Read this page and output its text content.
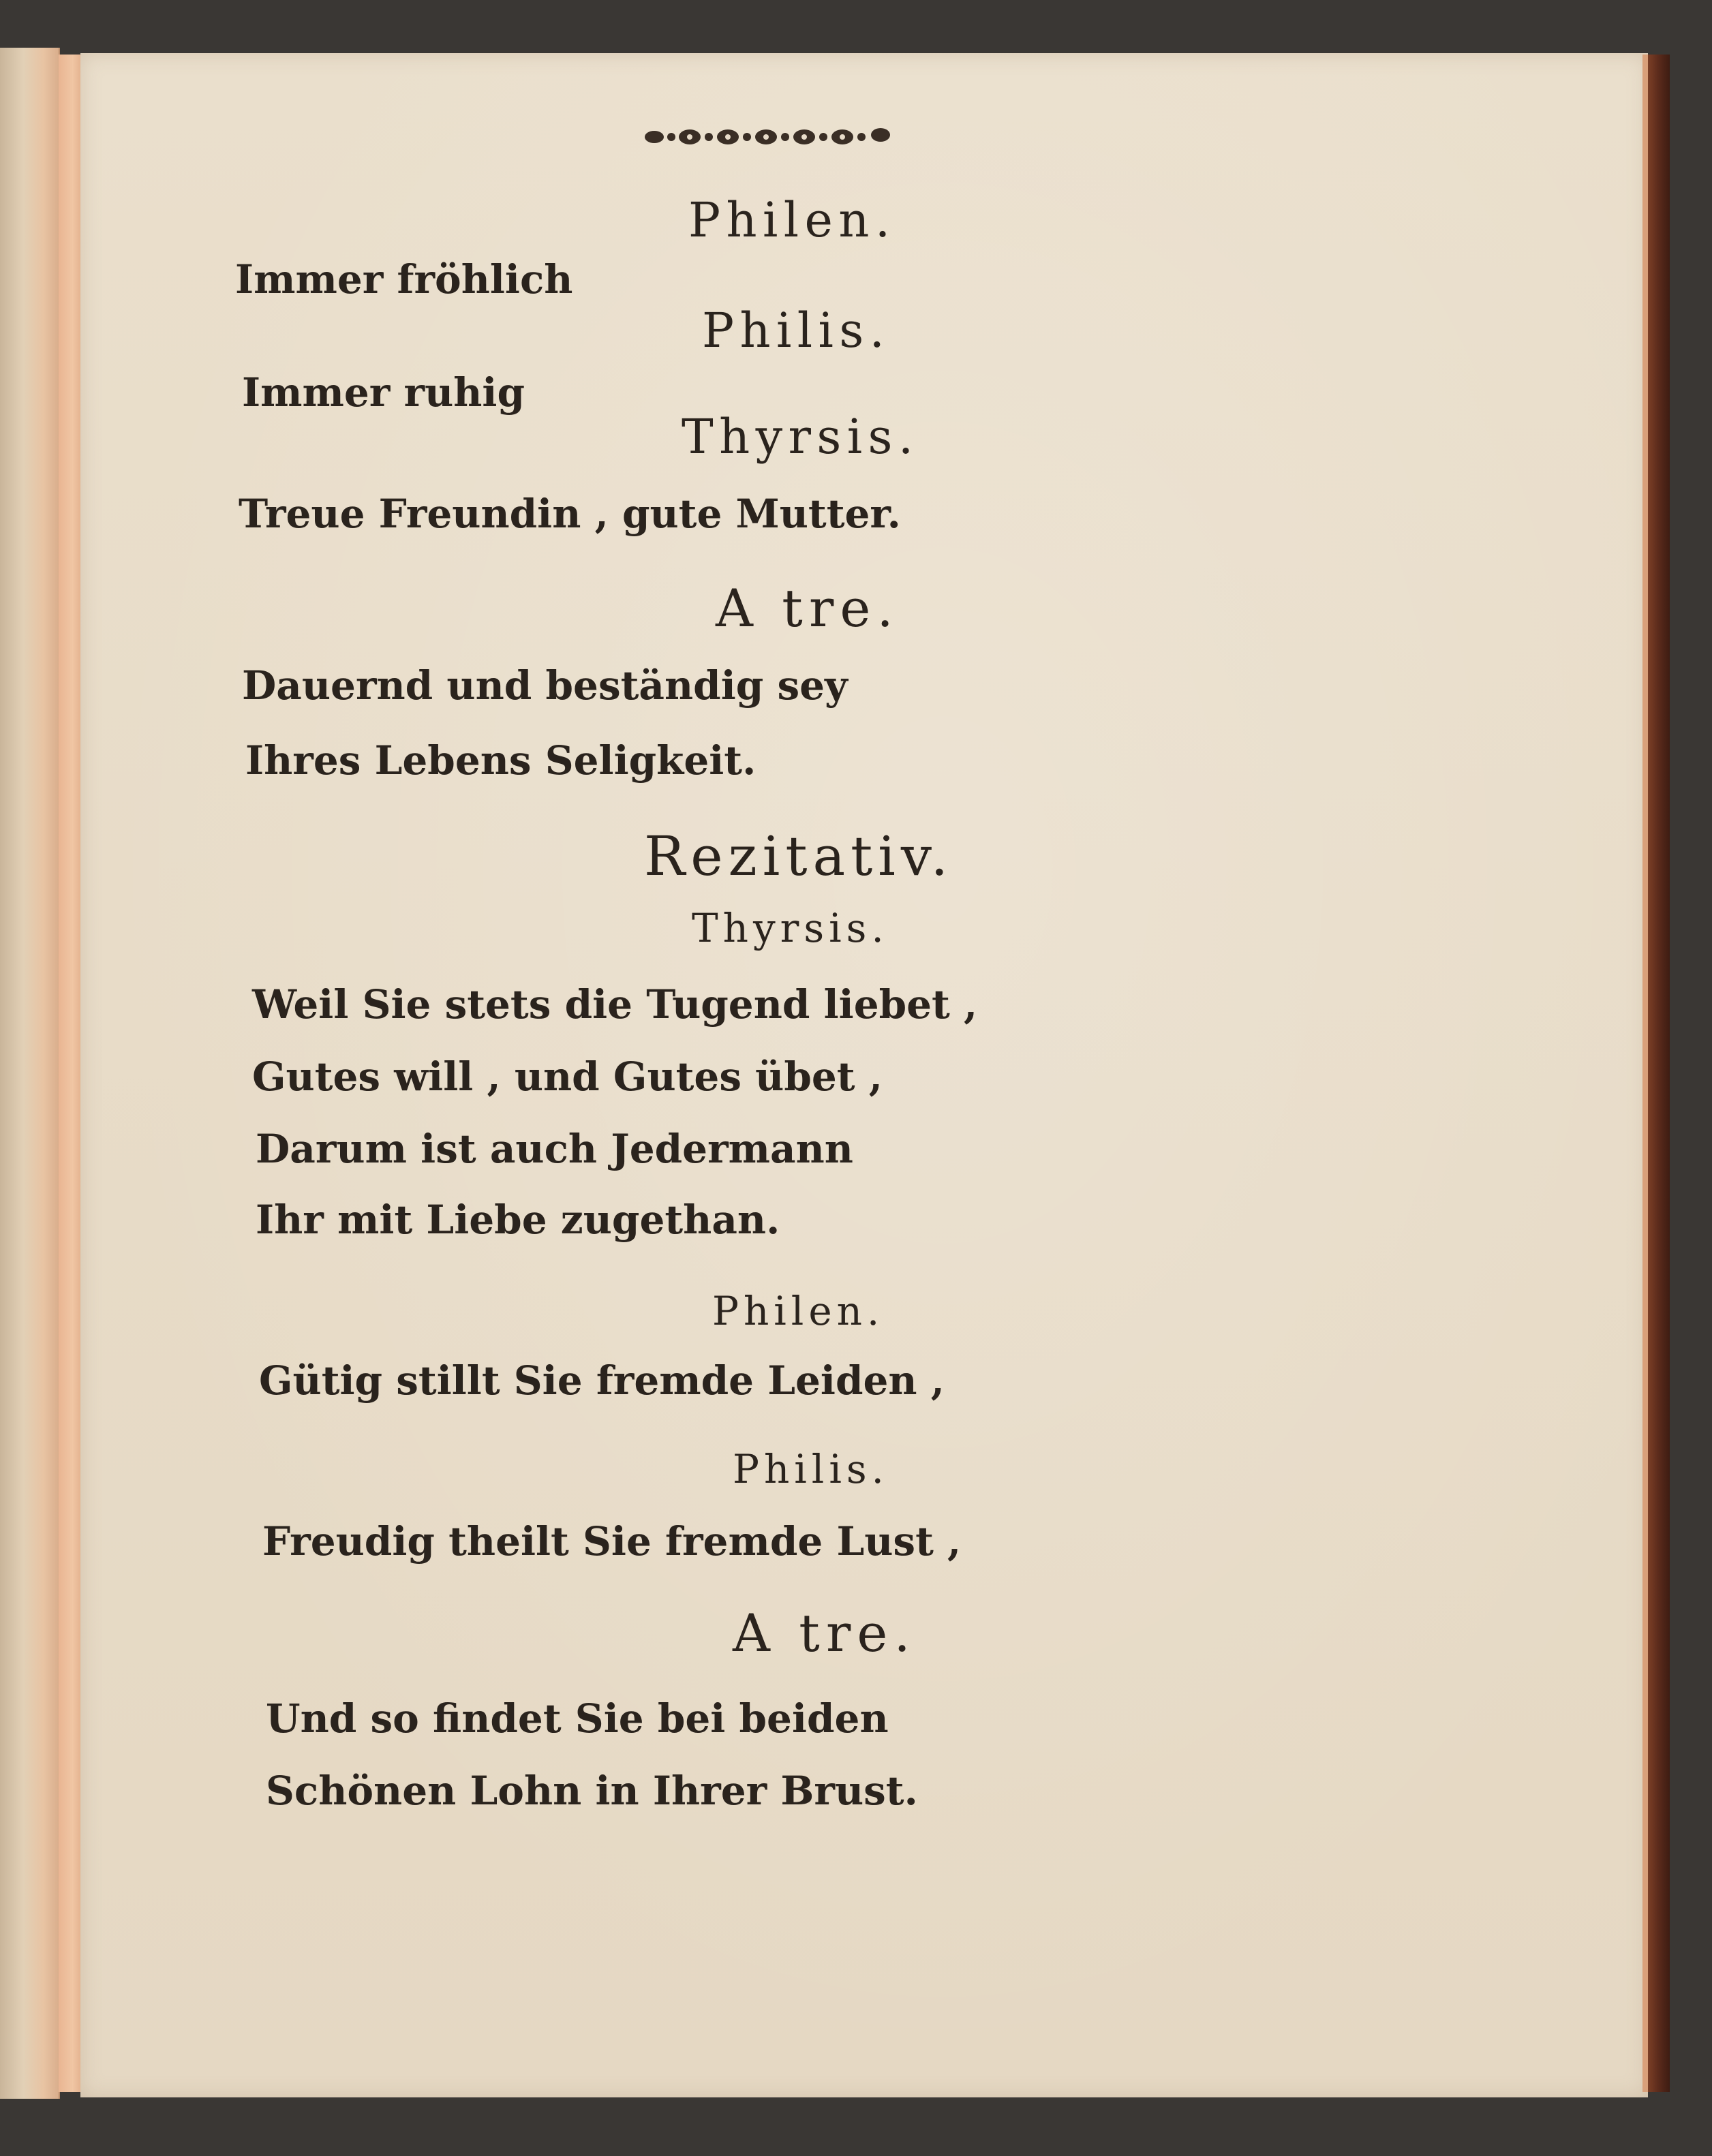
Philen.
Immer fröhlich
Philis.
Immer ruhig
Thyrsis.
Treue Freundin , gute Mutter.
A tre.
Dauernd und beständig sey
Ihres Lebens Seligkeit.
Rezitativ.
Thyrsis.
Weil Sie stets die Tugend liebet ,
Gutes will , und Gutes übet ,
Darum ist auch Jedermann
Ihr mit Liebe zugethan.
Philen.
Gütig stillt Sie fremde Leiden ,
Philis.
Freudig theilt Sie fremde Lust ,
A tre.
Und so findet Sie bei beiden
Schönen Lohn in Ihrer Brust.
